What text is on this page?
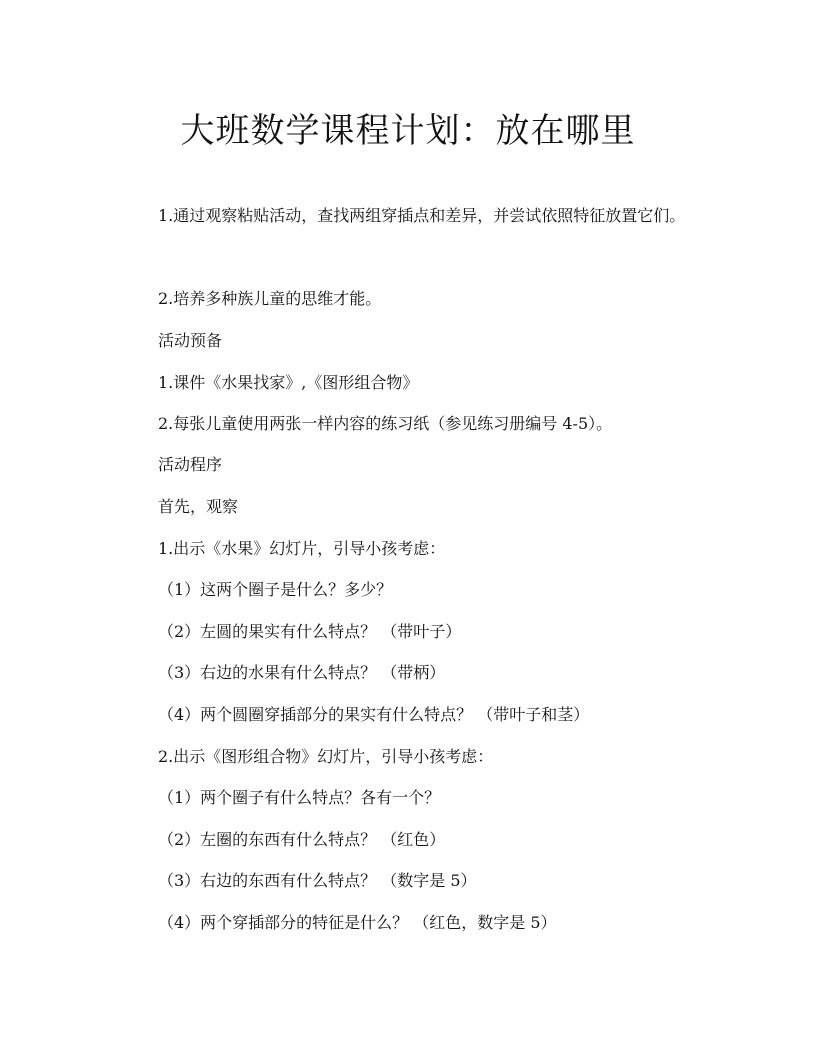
大班数学课程计划：放在哪里

1.通过观察粘贴活动，查找两组穿插点和差异，并尝试依照特征放置它们。

2.培养多种族儿童的思维才能。

活动预备

1.课件《水果找家》,《图形组合物》

2.每张儿童使用两张一样内容的练习纸（参见练习册编号 4-5）。

活动程序

首先，观察

1.出示《水果》幻灯片，引导小孩考虑：

（1）这两个圈子是什么？多少？

（2）左圆的果实有什么特点？ （带叶子）

（3）右边的水果有什么特点？ （带柄）

（4）两个圆圈穿插部分的果实有什么特点？ （带叶子和茎）

2.出示《图形组合物》幻灯片，引导小孩考虑：

（1）两个圈子有什么特点？各有一个？

（2）左圈的东西有什么特点？ （红色）

（3）右边的东西有什么特点？ （数字是 5）

（4）两个穿插部分的特征是什么？ （红色，数字是 5）
